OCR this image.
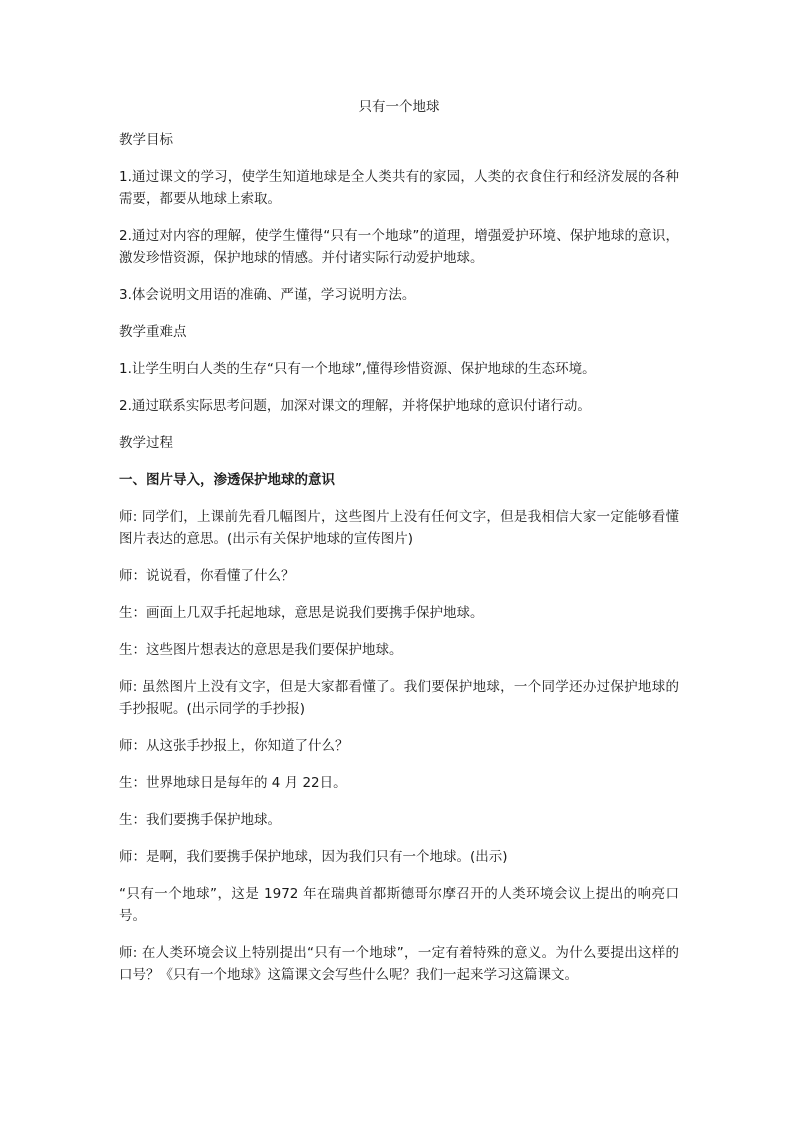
只有一个地球

教学目标

1.通过课文的学习，使学生知道地球是全人类共有的家园，人类的衣食住行和经济发展的各种需要，都要从地球上索取。

2.通过对内容的理解，使学生懂得“只有一个地球”的道理，增强爱护环境、保护地球的意识，激发珍惜资源，保护地球的情感。并付诸实际行动爱护地球。

3.体会说明文用语的准确、严谨，学习说明方法。

教学重难点

1.让学生明白人类的生存“只有一个地球”,懂得珍惜资源、保护地球的生态环境。

2.通过联系实际思考问题，加深对课文的理解，并将保护地球的意识付诸行动。

教学过程

一、图片导入，渗透保护地球的意识

师: 同学们，上课前先看几幅图片，这些图片上没有任何文字，但是我相信大家一定能够看懂图片表达的意思。(出示有关保护地球的宣传图片)

师：说说看，你看懂了什么？

生：画面上几双手托起地球，意思是说我们要携手保护地球。

生：这些图片想表达的意思是我们要保护地球。

师: 虽然图片上没有文字，但是大家都看懂了。我们要保护地球，一个同学还办过保护地球的手抄报呢。(出示同学的手抄报)

师：从这张手抄报上，你知道了什么？

生：世界地球日是每年的 4 月 22日。

生：我们要携手保护地球。

师：是啊，我们要携手保护地球，因为我们只有一个地球。(出示)

“只有一个地球”，这是 1972 年在瑞典首都斯德哥尔摩召开的人类环境会议上提出的响亮口号。

师: 在人类环境会议上特别提出“只有一个地球”，一定有着特殊的意义。为什么要提出这样的口号？《只有一个地球》这篇课文会写些什么呢？我们一起来学习这篇课文。
